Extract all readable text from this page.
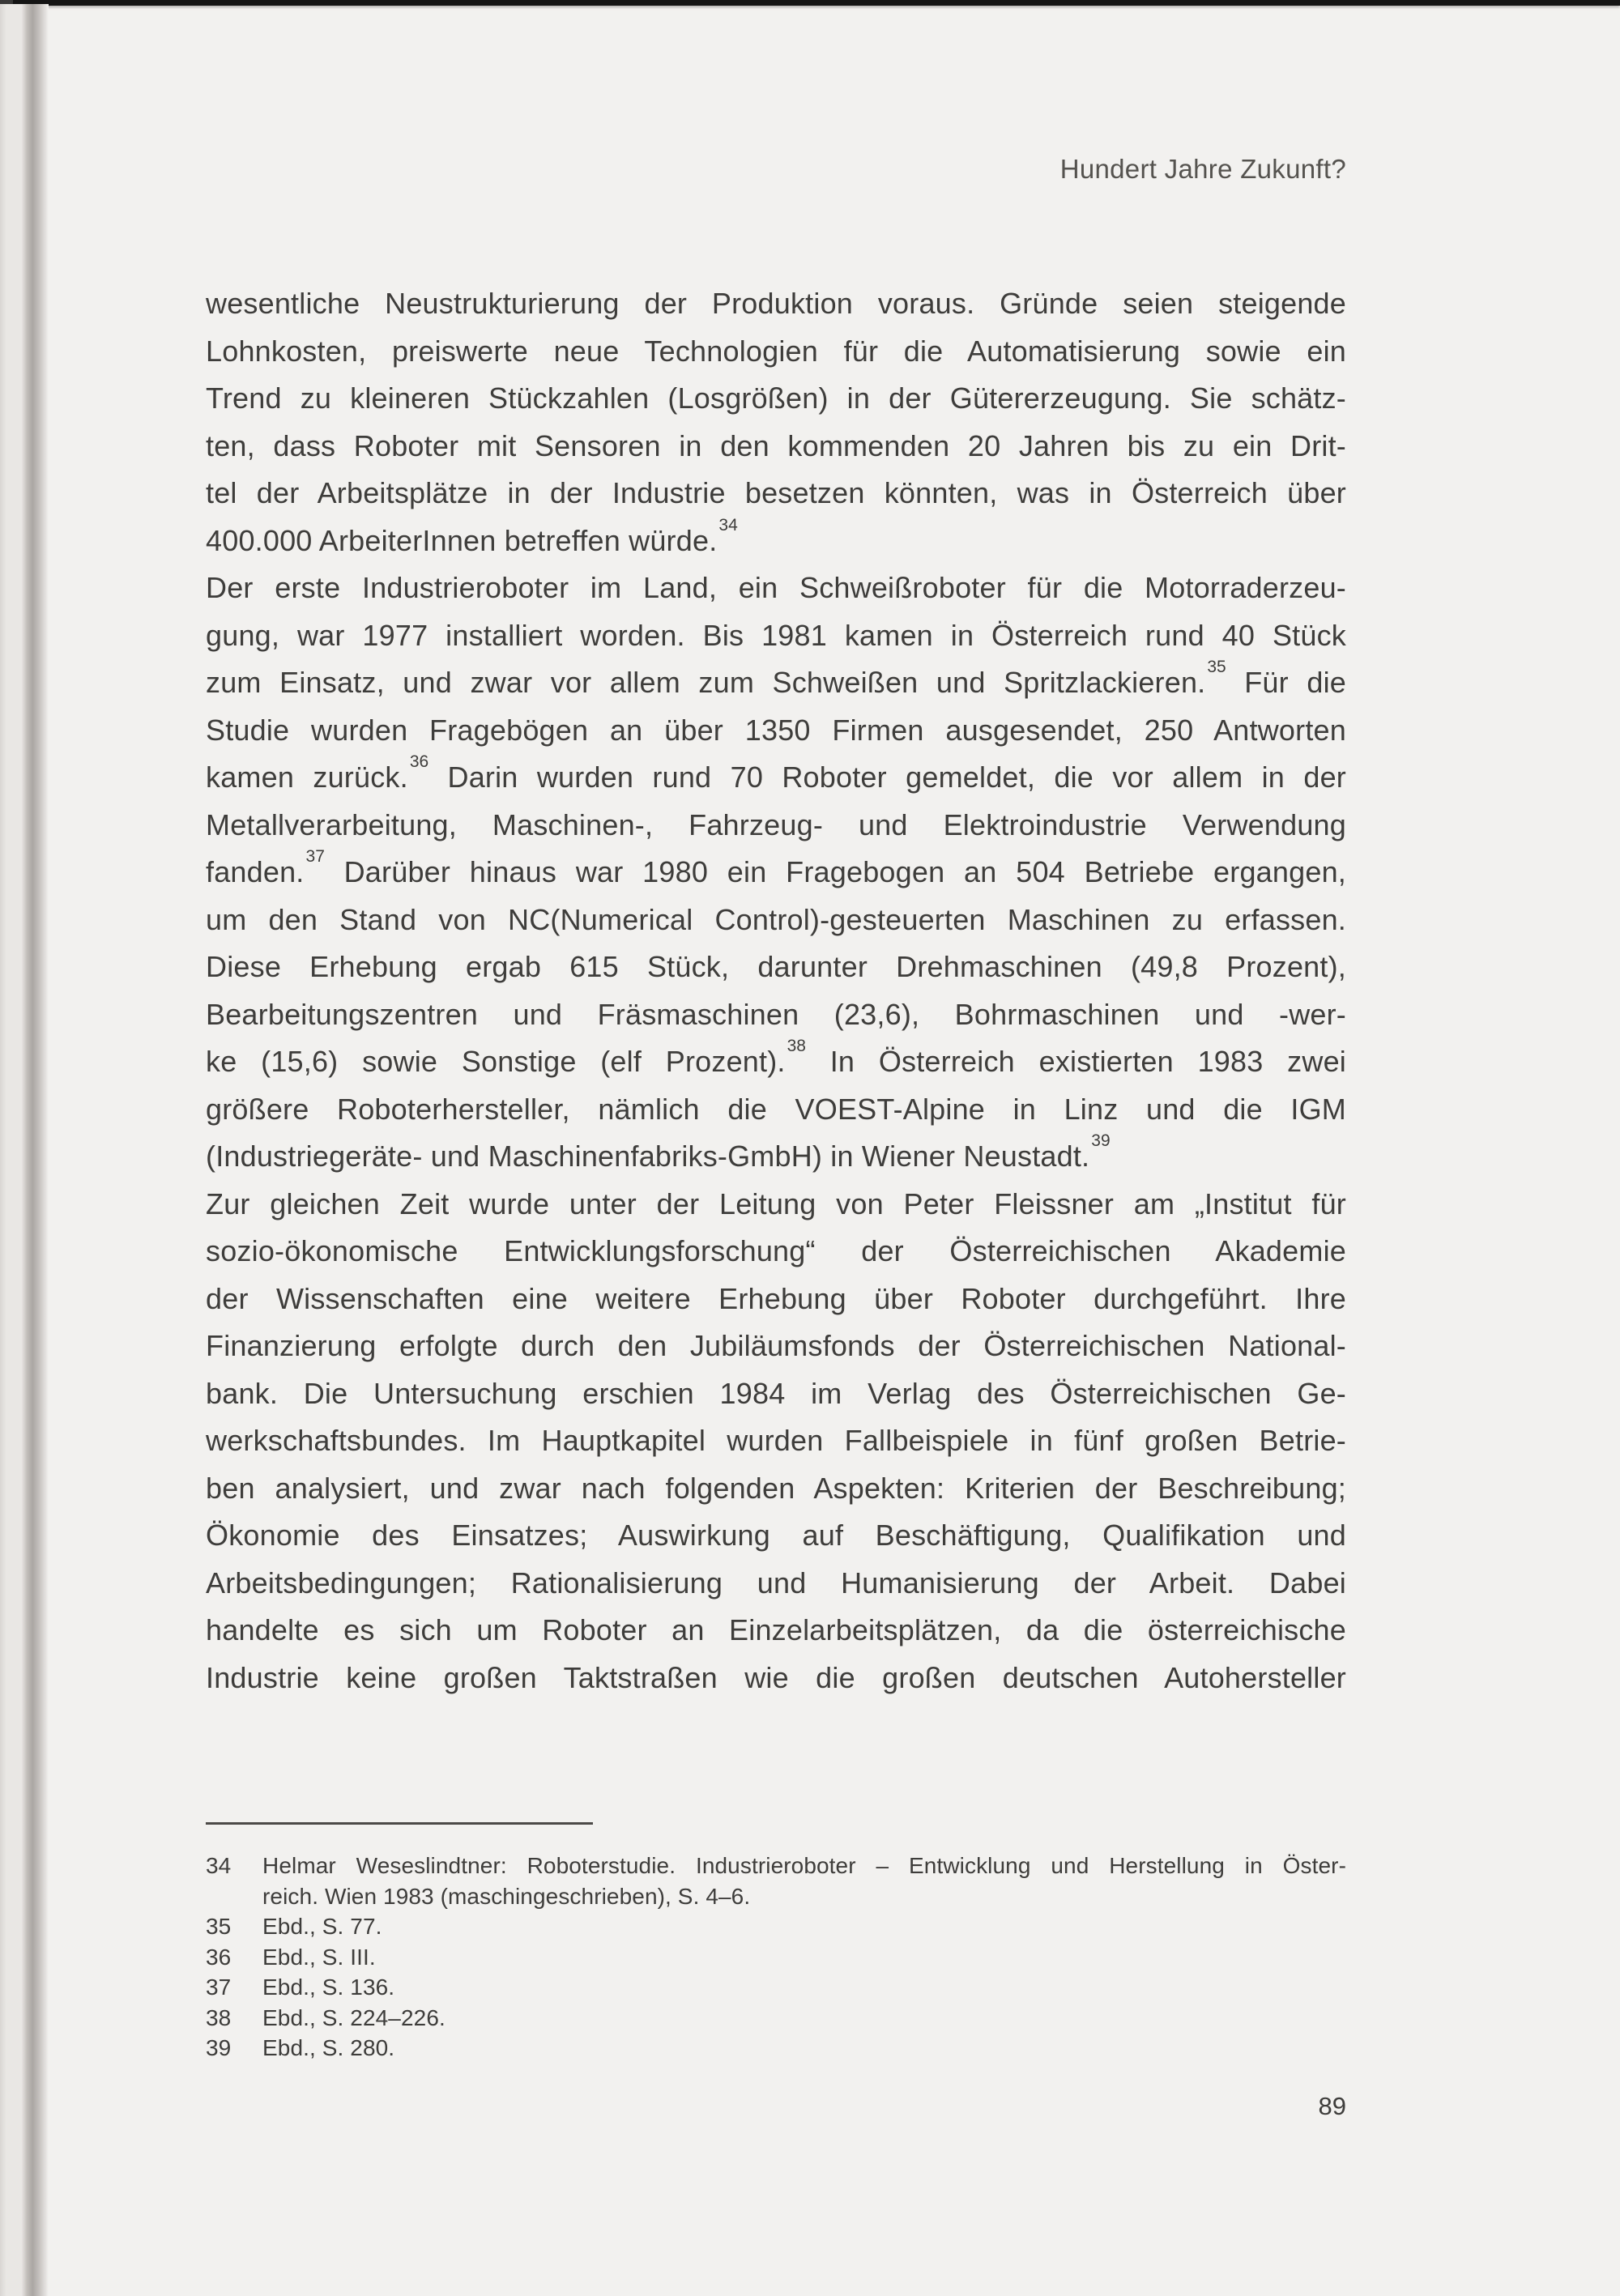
Hundert Jahre Zukunft?
wesentliche Neustrukturierung der Produktion voraus. Gründe seien steigende
Lohnkosten, preiswerte neue Technologien für die Automatisierung sowie ein
Trend zu kleineren Stückzahlen (Losgrößen) in der Gütererzeugung. Sie schätz-
ten, dass Roboter mit Sensoren in den kommenden 20 Jahren bis zu ein Drit-
tel der Arbeitsplätze in der Industrie besetzen könnten, was in Österreich über
400.000 ArbeiterInnen betreffen würde.$^{34}$
Der erste Industrieroboter im Land, ein Schweißroboter für die Motorraderzeu-
gung, war 1977 installiert worden. Bis 1981 kamen in Österreich rund 40 Stück
zum Einsatz, und zwar vor allem zum Schweißen und Spritzlackieren.$^{35}$ Für die
Studie wurden Fragebögen an über 1350 Firmen ausgesendet, 250 Antworten
kamen zurück.$^{36}$ Darin wurden rund 70 Roboter gemeldet, die vor allem in der
Metallverarbeitung, Maschinen-, Fahrzeug- und Elektroindustrie Verwendung
fanden.$^{37}$ Darüber hinaus war 1980 ein Fragebogen an 504 Betriebe ergangen,
um den Stand von NC(Numerical Control)-gesteuerten Maschinen zu erfassen.
Diese Erhebung ergab 615 Stück, darunter Drehmaschinen (49,8 Prozent),
Bearbeitungszentren und Fräsmaschinen (23,6), Bohrmaschinen und -wer-
ke (15,6) sowie Sonstige (elf Prozent).$^{38}$ In Österreich existierten 1983 zwei
größere Roboterhersteller, nämlich die VOEST-Alpine in Linz und die IGM
(Industriegeräte- und Maschinenfabriks-GmbH) in Wiener Neustadt.$^{39}$
Zur gleichen Zeit wurde unter der Leitung von Peter Fleissner am „Institut für
sozio-ökonomische Entwicklungsforschung“ der Österreichischen Akademie
der Wissenschaften eine weitere Erhebung über Roboter durchgeführt. Ihre
Finanzierung erfolgte durch den Jubiläumsfonds der Österreichischen National-
bank. Die Untersuchung erschien 1984 im Verlag des Österreichischen Ge-
werkschaftsbundes. Im Hauptkapitel wurden Fallbeispiele in fünf großen Betrie-
ben analysiert, und zwar nach folgenden Aspekten: Kriterien der Beschreibung;
Ökonomie des Einsatzes; Auswirkung auf Beschäftigung, Qualifikation und
Arbeitsbedingungen; Rationalisierung und Humanisierung der Arbeit. Dabei
handelte es sich um Roboter an Einzelarbeitsplätzen, da die österreichische
Industrie keine großen Taktstraßen wie die großen deutschen Autohersteller
34	Helmar Weseslindtner: Roboterstudie. Industrieroboter – Entwicklung und Herstellung in Öster-
reich. Wien 1983 (maschingeschrieben), S. 4–6.
35	Ebd., S. 77.
36	Ebd., S. III.
37	Ebd., S. 136.
38	Ebd., S. 224–226.
39	Ebd., S. 280.
89
